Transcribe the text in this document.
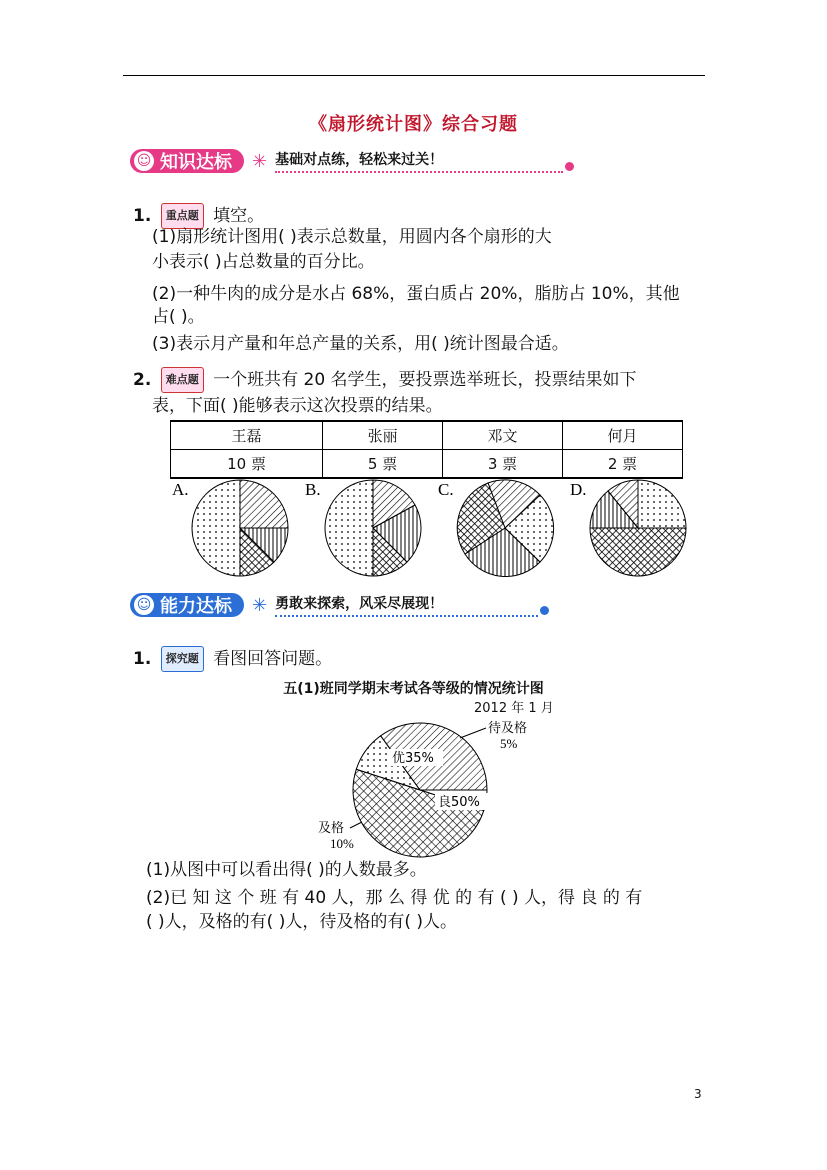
《扇形统计图》综合习题
☺ 知识达标 ✳ 基础对点练，轻松来过关！
1. 重点题 填空。
(1)扇形统计图用( )表示总数量，用圆内各个扇形的大
小表示( )占总数量的百分比。
(2)一种牛肉的成分是水占 68%，蛋白质占 20%，脂肪占 10%，其他
占( )。
(3)表示月产量和年总产量的关系，用( )统计图最合适。
2. 难点题 一个班共有 20 名学生，要投票选举班长，投票结果如下
表，下面( )能够表示这次投票的结果。
王磊	张丽	邓文	何月
10 票	5 票	3 票	2 票
A.	B.	C.	D.
☺ 能力达标 ✳ 勇敢来探索，风采尽展现！
1. 探究题 看图回答问题。
五(1)班同学期末考试各等级的情况统计图
2012 年 1 月
优35%
待及格
5%
良50%
及格
10%
(1)从图中可以看出得( )的人数最多。
(2)已 知 这 个 班 有 40 人，那 么 得 优 的 有 ( ) 人，得 良 的 有
( )人，及格的有( )人，待及格的有( )人。
3
